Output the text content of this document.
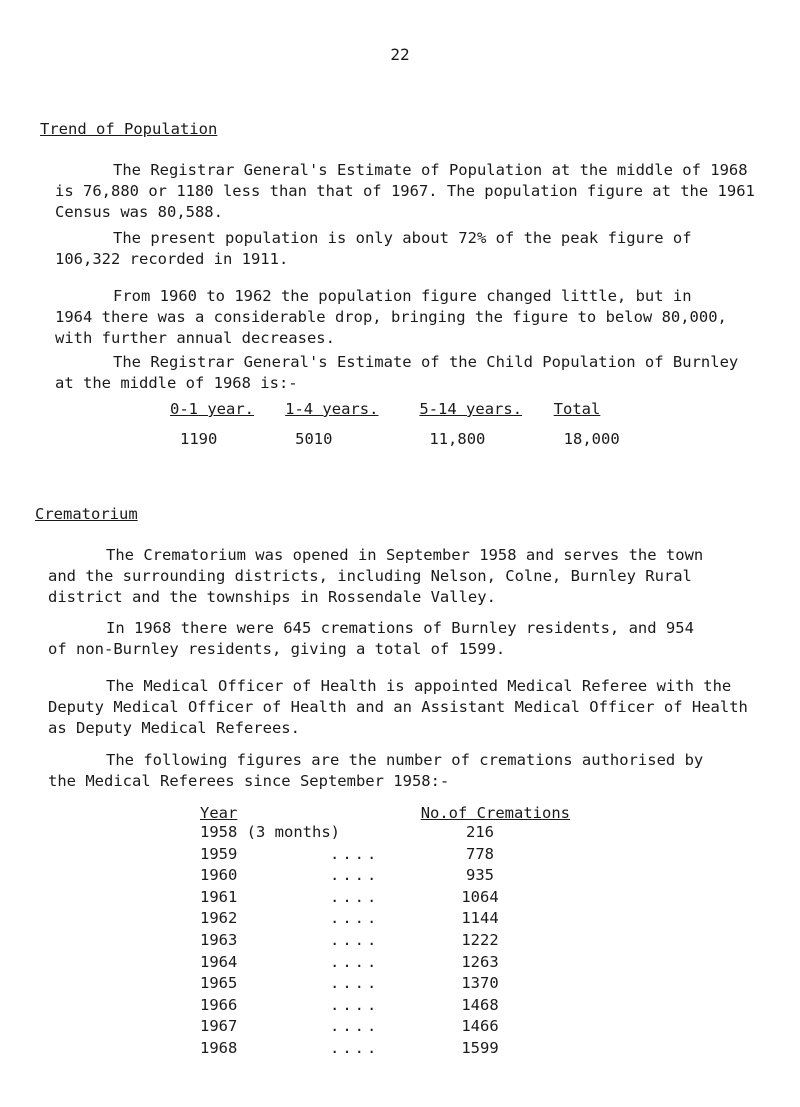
22
Trend of Population
The Registrar General's Estimate of Population at the middle of 1968
is 76,880 or 1180 less than that of 1967. The population figure at the 1961
Census was 80,588.
The present population is only about 72% of the peak figure of
106,322 recorded in 1911.
From 1960 to 1962 the population figure changed little, but in
1964 there was a considerable drop, bringing the figure to below 80,000,
with further annual decreases.
The Registrar General's Estimate of the Child Population of Burnley
at the middle of 1968 is:-
0-1 year.	1-4 years.	5-14 years.	Total
1190	5010	11,800	18,000
Crematorium
The Crematorium was opened in September 1958 and serves the town
and the surrounding districts, including Nelson, Colne, Burnley Rural
district and the townships in Rossendale Valley.
In 1968 there were 645 cremations of Burnley residents, and 954
of non-Burnley residents, giving a total of 1599.
The Medical Officer of Health is appointed Medical Referee with the
Deputy Medical Officer of Health and an Assistant Medical Officer of Health
as Deputy Medical Referees.
The following figures are the number of cremations authorised by
the Medical Referees since September 1958:-
Year	No.of Cremations
1958 (3 months)	216
1959	....	778
1960	....	935
1961	....	1064
1962	....	1144
1963	....	1222
1964	....	1263
1965	....	1370
1966	....	1468
1967	....	1466
1968	....	1599
